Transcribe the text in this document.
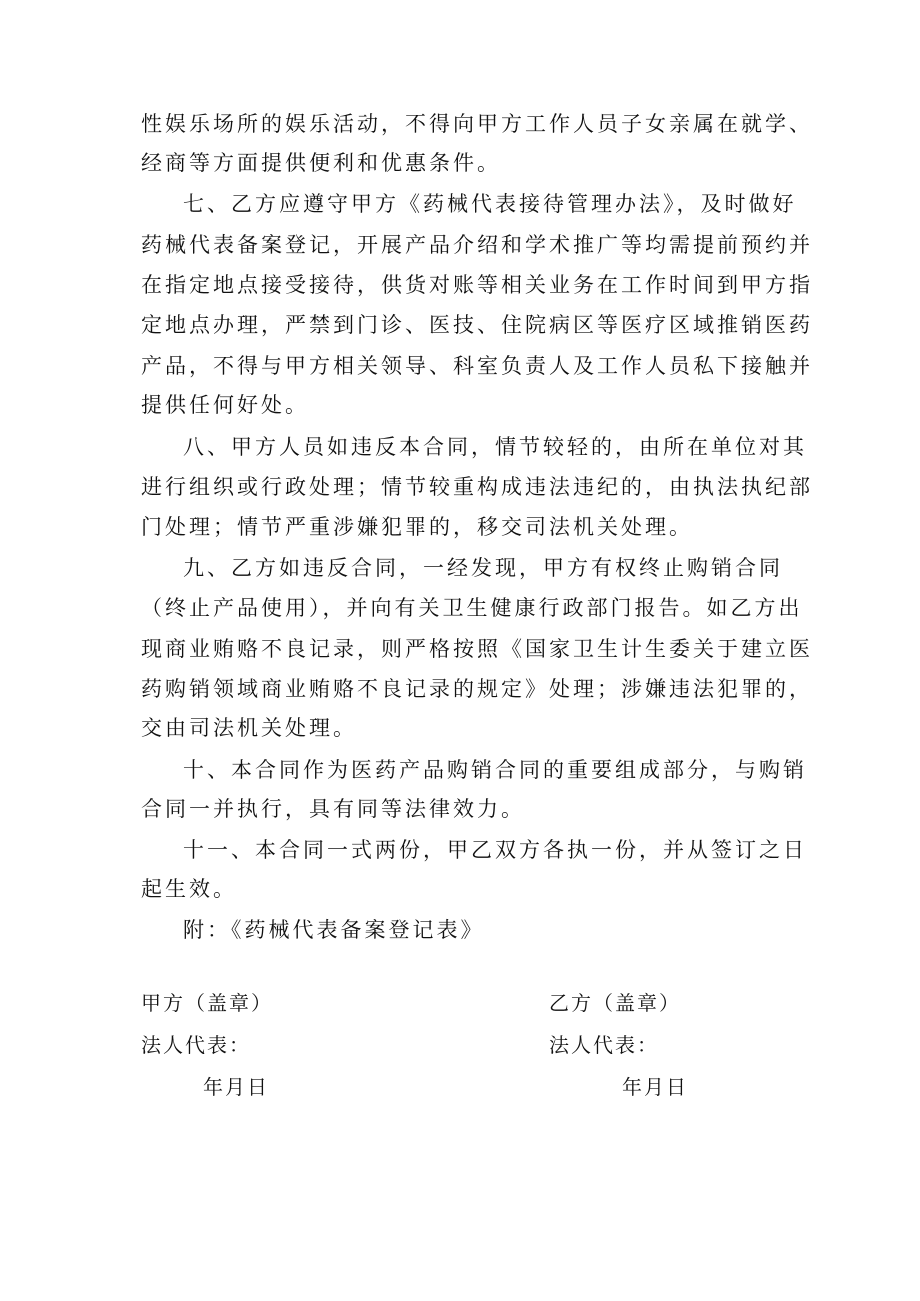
性娱乐场所的娱乐活动，不得向甲方工作人员子女亲属在就学、
经商等方面提供便利和优惠条件。
七、乙方应遵守甲方《药械代表接待管理办法》，及时做好
药械代表备案登记，开展产品介绍和学术推广等均需提前预约并
在指定地点接受接待，供货对账等相关业务在工作时间到甲方指
定地点办理，严禁到门诊、医技、住院病区等医疗区域推销医药
产品，不得与甲方相关领导、科室负责人及工作人员私下接触并
提供任何好处。
八、甲方人员如违反本合同，情节较轻的，由所在单位对其
进行组织或行政处理；情节较重构成违法违纪的，由执法执纪部
门处理；情节严重涉嫌犯罪的，移交司法机关处理。
九、乙方如违反合同，一经发现，甲方有权终止购销合同
（终止产品使用），并向有关卫生健康行政部门报告。如乙方出
现商业贿赂不良记录，则严格按照《国家卫生计生委关于建立医
药购销领域商业贿赂不良记录的规定》处理；涉嫌违法犯罪的，
交由司法机关处理。
十、本合同作为医药产品购销合同的重要组成部分，与购销
合同一并执行，具有同等法律效力。
十一、本合同一式两份，甲乙双方各执一份，并从签订之日
起生效。
附：《药械代表备案登记表》
甲方（盖章）
法人代表：
年月日
乙方（盖章）
法人代表：
年月日
